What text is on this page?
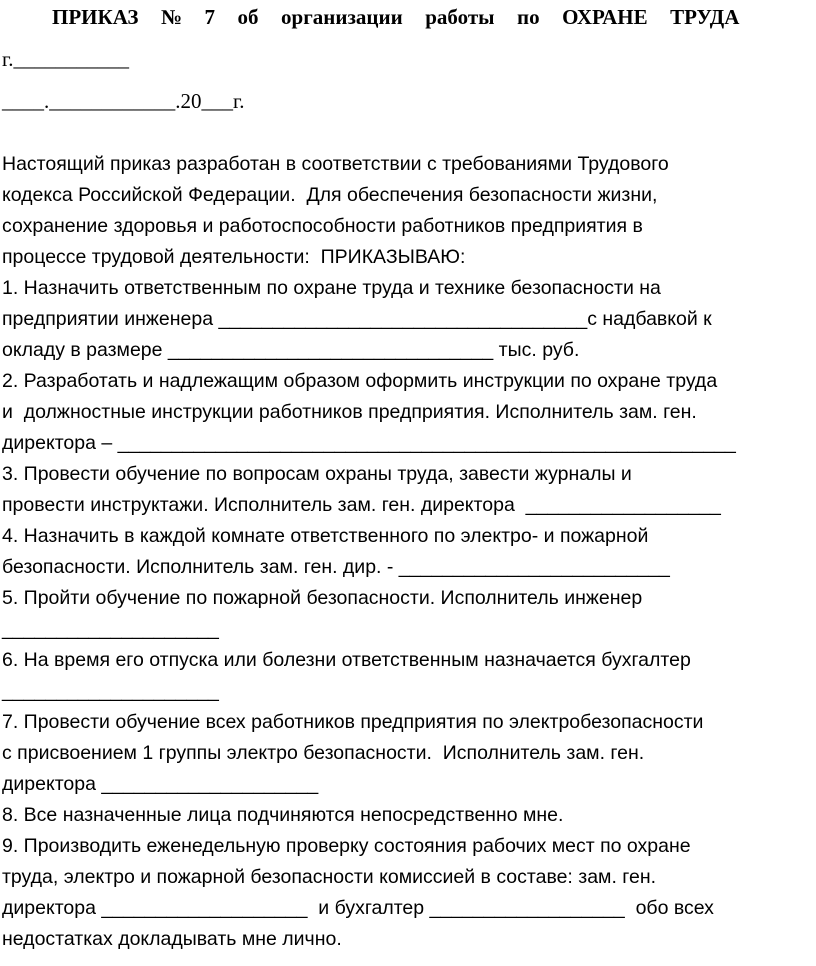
ПРИКАЗ  №  7  об  организации  работы  по  ОХРАНЕ  ТРУДА
г.___________
____.____________.20___г.
Настоящий приказ разработан в соответствии с требованиями Трудового
кодекса Российской Федерации.  Для обеспечения безопасности жизни,
сохранение здоровья и работоспособности работников предприятия в
процессе трудовой деятельности:  ПРИКАЗЫВАЮ:
1. Назначить ответственным по охране труда и технике безопасности на
предприятии инженера __________________________________с надбавкой к
окладу в размере ______________________________ тыс. руб.
2. Разработать и надлежащим образом оформить инструкции по охране труда
и  должностные инструкции работников предприятия. Исполнитель зам. ген.
директора – _________________________________________________________
3. Провести обучение по вопросам охраны труда, завести журналы и
провести инструктажи. Исполнитель зам. ген. директора  __________________
4. Назначить в каждой комнате ответственного по электро- и пожарной
безопасности. Исполнитель зам. ген. дир. - _________________________
5. Пройти обучение по пожарной безопасности. Исполнитель инженер
____________________
6. На время его отпуска или болезни ответственным назначается бухгалтер
____________________
7. Провести обучение всех работников предприятия по электробезопасности
с присвоением 1 группы электро безопасности.  Исполнитель зам. ген.
директора ____________________
8. Все назначенные лица подчиняются непосредственно мне.
9. Производить еженедельную проверку состояния рабочих мест по охране
труда, электро и пожарной безопасности комиссией в составе: зам. ген.
директора ___________________  и бухгалтер __________________  обо всех
недостатках докладывать мне лично.
